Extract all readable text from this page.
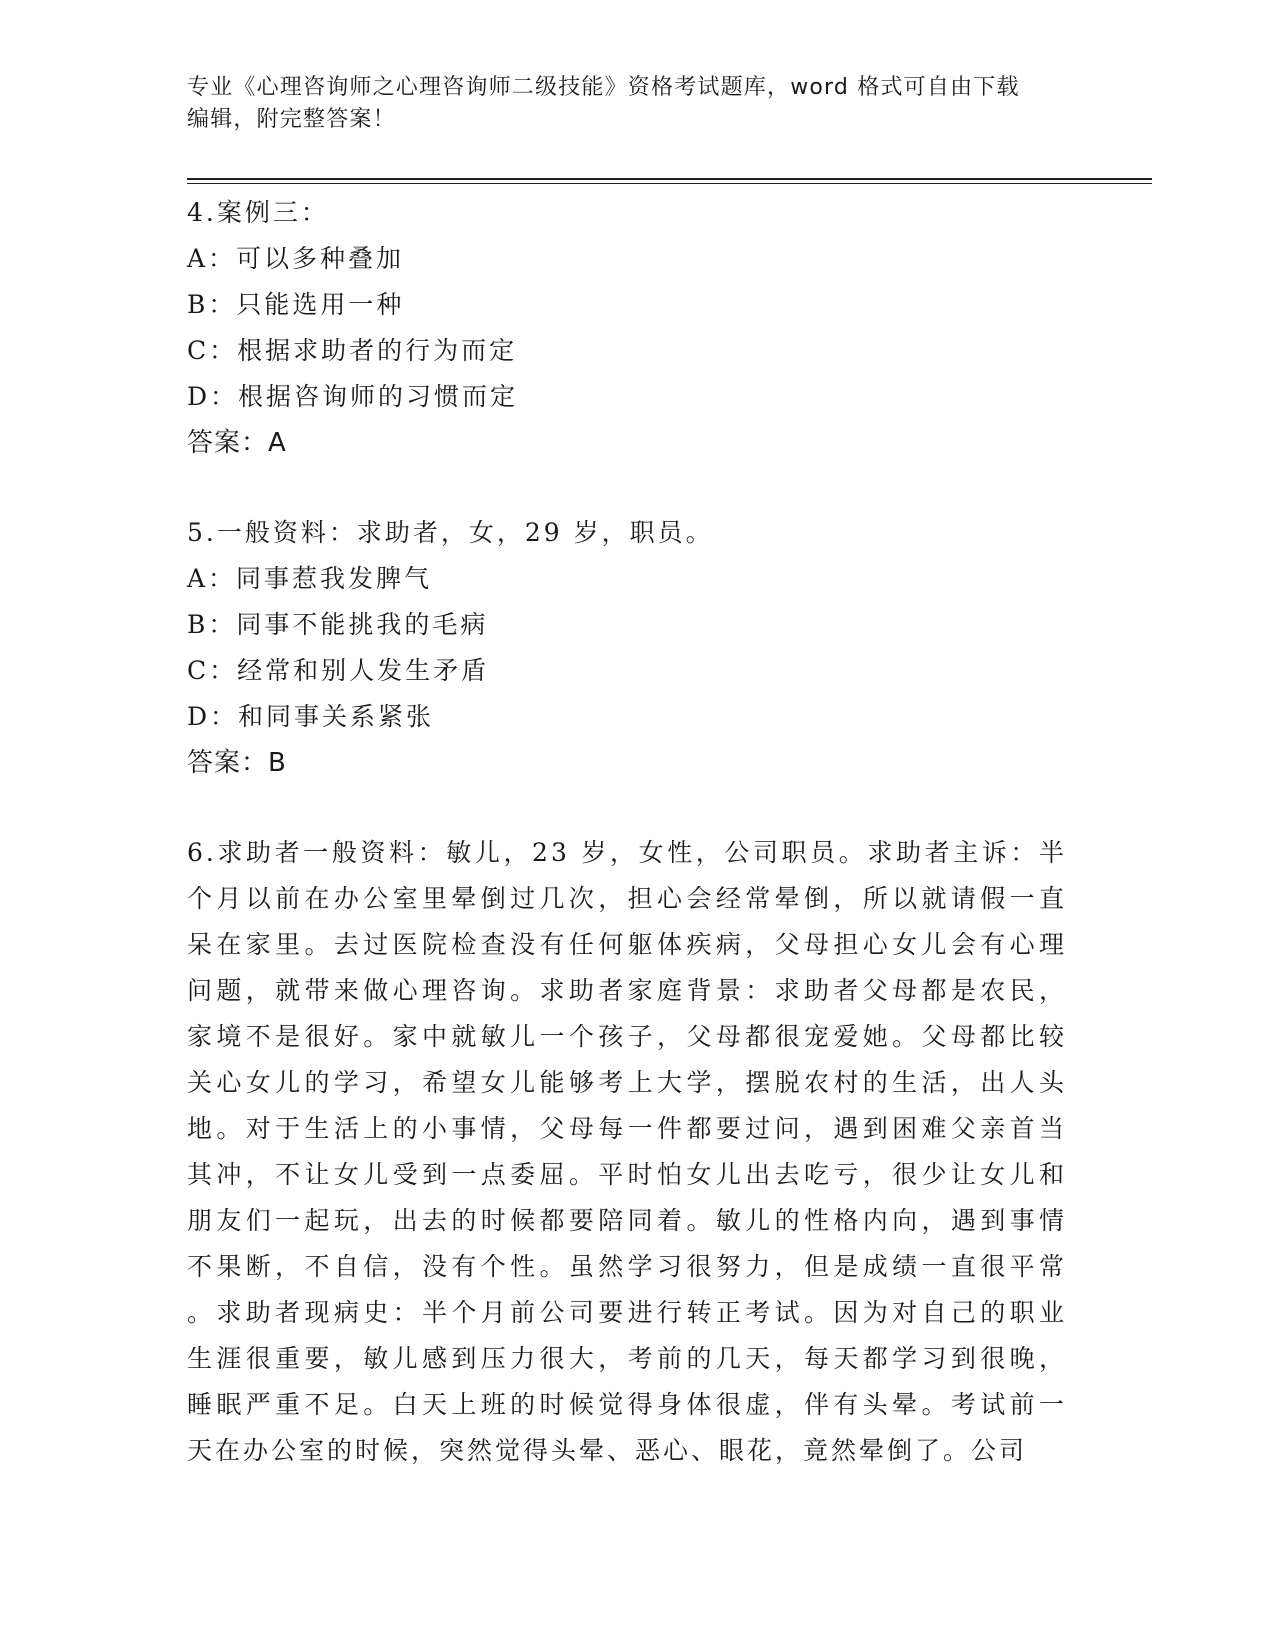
专业《心理咨询师之心理咨询师二级技能》资格考试题库，word 格式可自由下载
编辑，附完整答案！
4.案例三：
A：可以多种叠加
B：只能选用一种
C：根据求助者的行为而定
D：根据咨询师的习惯而定
答案：A
5.一般资料：求助者，女，29 岁，职员。
A：同事惹我发脾气
B：同事不能挑我的毛病
C：经常和别人发生矛盾
D：和同事关系紧张
答案：B
6.求助者一般资料：敏儿，23 岁，女性，公司职员。求助者主诉：半
个月以前在办公室里晕倒过几次，担心会经常晕倒，所以就请假一直
呆在家里。去过医院检查没有任何躯体疾病，父母担心女儿会有心理
问题，就带来做心理咨询。求助者家庭背景：求助者父母都是农民，
家境不是很好。家中就敏儿一个孩子，父母都很宠爱她。父母都比较
关心女儿的学习，希望女儿能够考上大学，摆脱农村的生活，出人头
地。对于生活上的小事情，父母每一件都要过问，遇到困难父亲首当
其冲，不让女儿受到一点委屈。平时怕女儿出去吃亏，很少让女儿和
朋友们一起玩，出去的时候都要陪同着。敏儿的性格内向，遇到事情
不果断，不自信，没有个性。虽然学习很努力，但是成绩一直很平常
。求助者现病史：半个月前公司要进行转正考试。因为对自己的职业
生涯很重要，敏儿感到压力很大，考前的几天，每天都学习到很晚，
睡眠严重不足。白天上班的时候觉得身体很虚，伴有头晕。考试前一
天在办公室的时候，突然觉得头晕、恶心、眼花，竟然晕倒了。公司
